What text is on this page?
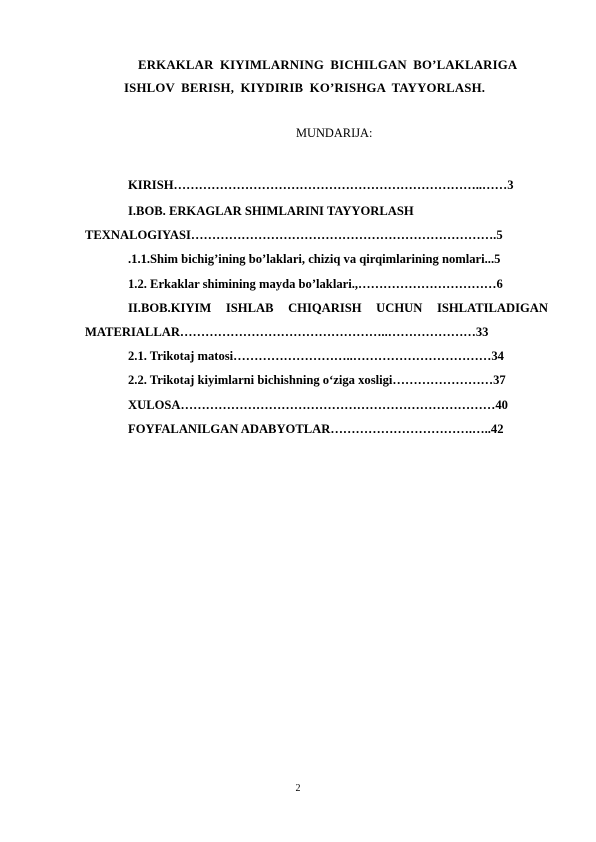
ERKAKLAR KIYIMLARNING BICHILGAN BO’LAKLARIGA
ISHLOV BERISH, KIYDIRIB KO’RISHGA TAYYORLASH.
MUNDARIJA:
KIRISH………………………………………………………………..……3
I.BOB. ERKAGLAR SHIMLARINI TAYYORLASH
TEXNALOGIYASI……………………………………………………………….5
.1.1.Shim bichig’ining bo’laklari, chiziq va qirqimlarining nomlari...5
1.2. Erkaklar shimining mayda bo’laklari.,……………………………6
II.BOB.KIYIM ISHLAB CHIQARISH UCHUN ISHLATILADIGAN
MATERIALLAR…………………………………………..…………………33
2.1. Trikotaj matosi………………………..……………………………34
2.2. Trikotaj kiyimlarni bichishning o‘ziga xosligi……………………37
XULOSA…………………………………………………………………40
FOYFALANILGAN ADABYOTLAR…………………………….…..42
2
